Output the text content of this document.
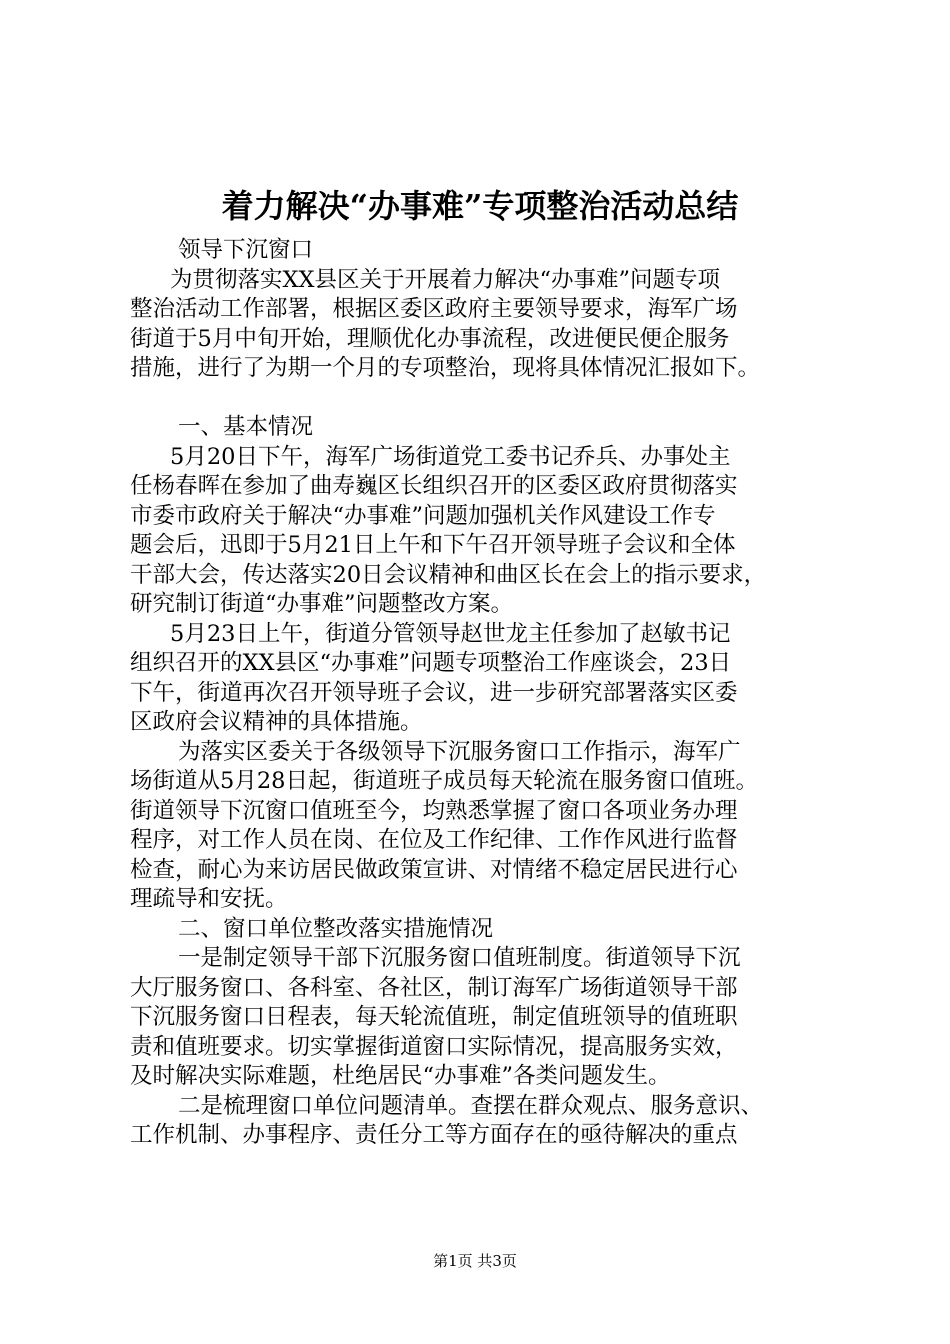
着力解决“办事难”专项整治活动总结
领导下沉窗口
为贯彻落实XX县区关于开展着力解决“办事难”问题专项
整治活动工作部署，根据区委区政府主要领导要求，海军广场
街道于5月中旬开始，理顺优化办事流程，改进便民便企服务
措施，进行了为期一个月的专项整治，现将具体情况汇报如下。
一、基本情况
5月20日下午，海军广场街道党工委书记乔兵、办事处主
任杨春晖在参加了曲寿巍区长组织召开的区委区政府贯彻落实
市委市政府关于解决“办事难”问题加强机关作风建设工作专
题会后，迅即于5月21日上午和下午召开领导班子会议和全体
干部大会，传达落实20日会议精神和曲区长在会上的指示要求，
研究制订街道“办事难”问题整改方案。
5月23日上午，街道分管领导赵世龙主任参加了赵敏书记
组织召开的XX县区“办事难”问题专项整治工作座谈会，23日
下午，街道再次召开领导班子会议，进一步研究部署落实区委
区政府会议精神的具体措施。
为落实区委关于各级领导下沉服务窗口工作指示，海军广
场街道从5月28日起，街道班子成员每天轮流在服务窗口值班。
街道领导下沉窗口值班至今，均熟悉掌握了窗口各项业务办理
程序，对工作人员在岗、在位及工作纪律、工作作风进行监督
检查，耐心为来访居民做政策宣讲、对情绪不稳定居民进行心
理疏导和安抚。
二、窗口单位整改落实措施情况
一是制定领导干部下沉服务窗口值班制度。街道领导下沉
大厅服务窗口、各科室、各社区，制订海军广场街道领导干部
下沉服务窗口日程表，每天轮流值班，制定值班领导的值班职
责和值班要求。切实掌握街道窗口实际情况，提高服务实效，
及时解决实际难题，杜绝居民“办事难”各类问题发生。
二是梳理窗口单位问题清单。查摆在群众观点、服务意识、
工作机制、办事程序、责任分工等方面存在的亟待解决的重点
第1页 共3页
